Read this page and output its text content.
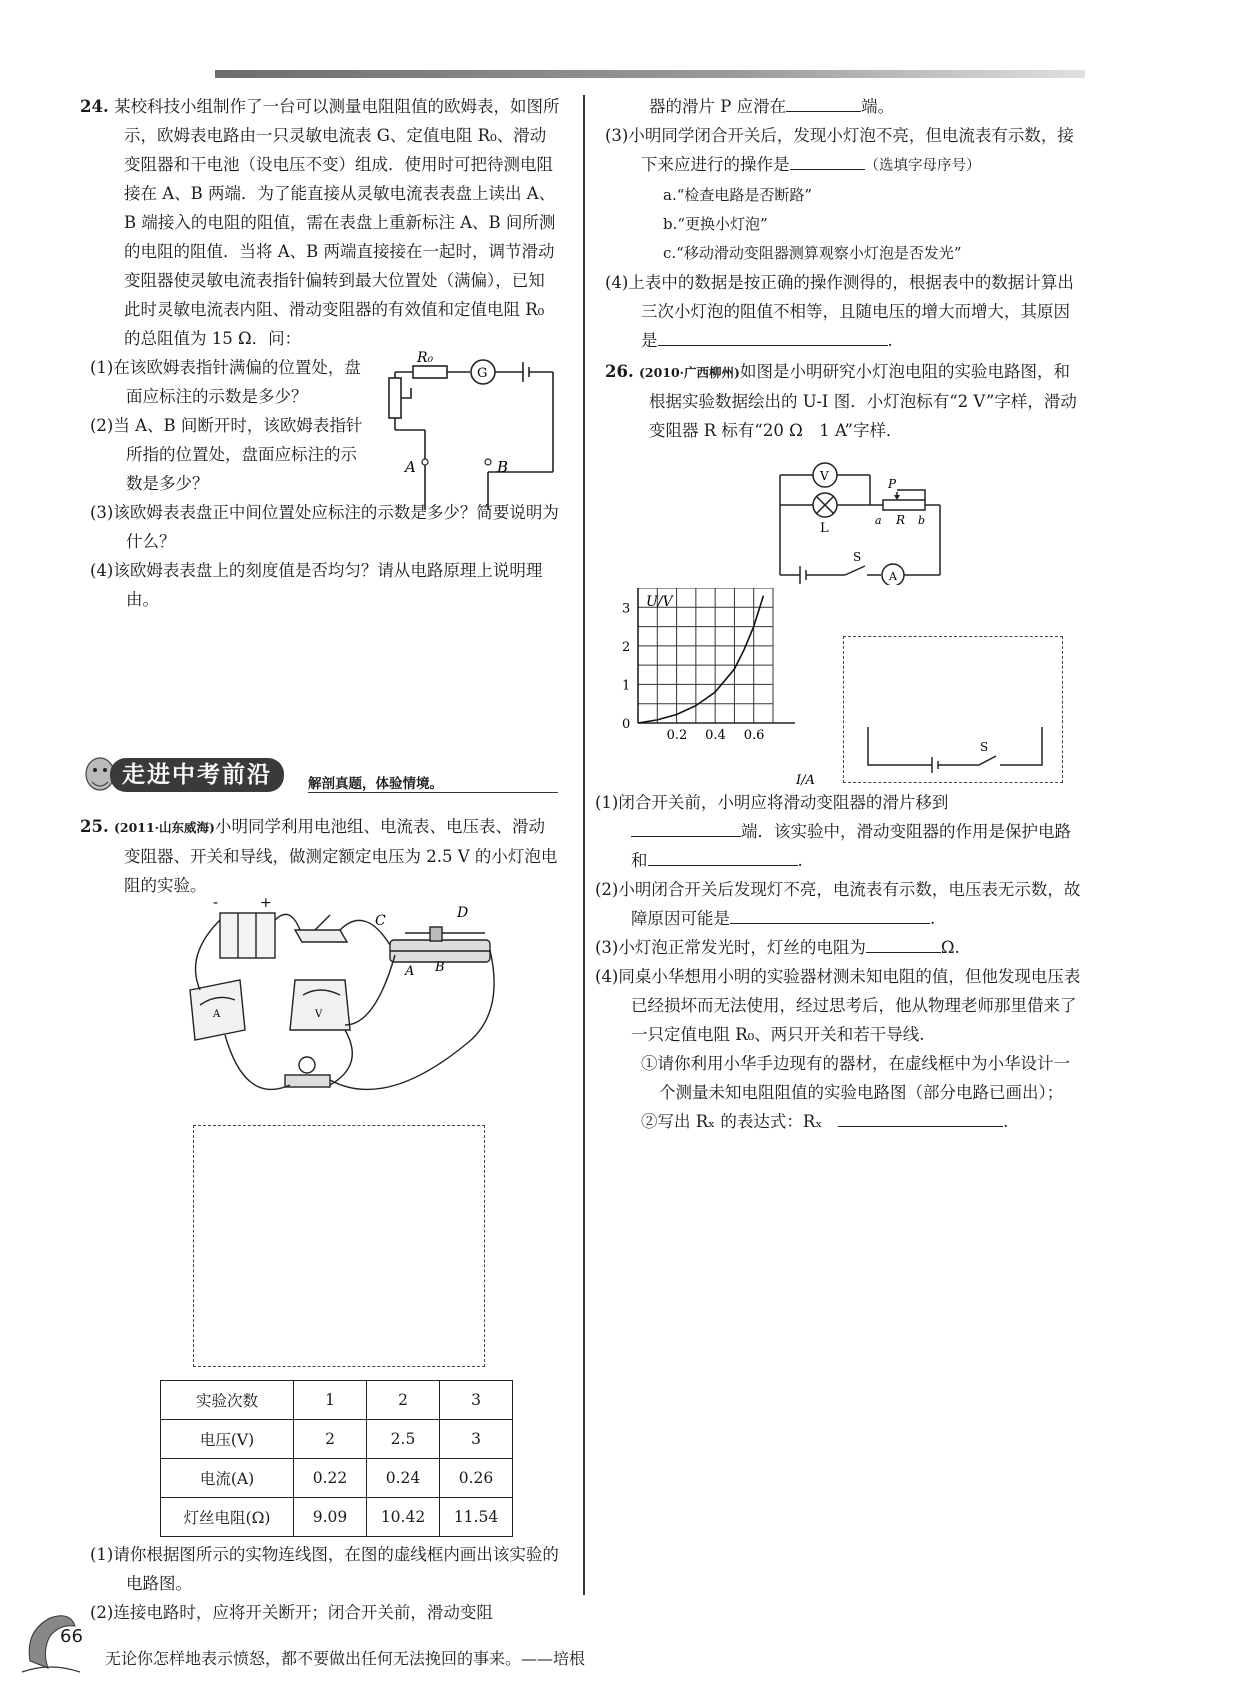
24. 某校科技小组制作了一台可以测量电阻阻值的欧姆表，如图所示，欧姆表电路由一只灵敏电流表 G、定值电阻 R₀、滑动变阻器和干电池（设电压不变）组成．使用时可把待测电阻接在 A、B 两端．为了能直接从灵敏电流表表盘上读出 A、B 端接入的电阻的阻值，需在表盘上重新标注 A、B 间所测的电阻的阻值．当将 A、B 两端直接接在一起时，调节滑动变阻器使灵敏电流表指针偏转到最大位置处（满偏），已知此时灵敏电流表内阻、滑动变阻器的有效值和定值电阻 R₀ 的总阻值为 15 Ω．问：

(1)在该欧姆表指针满偏的位置处，盘面应标注的示数是多少？

(2)当 A、B 间断开时，该欧姆表指针所指的位置处，盘面应标注的示数是多少？

(3)该欧姆表表盘正中间位置处应标注的示数是多少？简要说明为什么？

(4)该欧姆表表盘上的刻度值是否均匀？请从电路原理上说明理由。

R₀
G
A	B
走进中考前沿	解剖真题，体验情境。

25. (2011·山东威海)小明同学利用电池组、电流表、电压表、滑动变阻器、开关和导线，做测定额定电压为 2.5 V 的小灯泡电阻的实验。

-	+
C	D
A B
A	V
实验次数	1	2	3
电压(V)	2	2.5	3
电流(A)	0.22	0.24	0.26
灯丝电阻(Ω)	9.09	10.42	11.54

(1)请你根据图所示的实物连线图，在图的虚线框内画出该实验的电路图。

(2)连接电路时，应将开关断开；闭合开关前，滑动变阻

66
无论你怎样地表示愤怒，都不要做出任何无法挽回的事来。——培根

器的滑片 P 应滑在	端。

(3)小明同学闭合开关后，发现小灯泡不亮，但电流表有示数，接下来应进行的操作是	（选填字母序号）

a.“检查电路是否断路”

b.“更换小灯泡”

c.“移动滑动变阻器测算观察小灯泡是否发光”

(4)上表中的数据是按正确的操作测得的，根据表中的数据计算出三次小灯泡的阻值不相等，且随电压的增大而增大，其原因是	.

26. (2010·广西柳州)如图是小明研究小灯泡电阻的实验电路图，和根据实验数据绘出的 U-I 图．小灯泡标有“2 V”字样，滑动变阻器 R 标有“20 Ω　1 A”字样．

V
L
P
a R b
S
A
0.2 0.4 0.6
0
1
2
3 U/V
I/A
S

(1)闭合开关前，小明应将滑动变阻器的滑片移到
端．该实验中，滑动变阻器的作用是保护电路和	.

(2)小明闭合开关后发现灯不亮，电流表有示数，电压表无示数，故障原因可能是	.

(3)小灯泡正常发光时，灯丝的电阻为	Ω.

(4)同桌小华想用小明的实验器材测未知电阻的值，但他发现电压表已经损坏而无法使用，经过思考后，他从物理老师那里借来了一只定值电阻 R₀、两只开关和若干导线.

①请你利用小华手边现有的器材，在虚线框中为小华设计一个测量未知电阻阻值的实验电路图（部分电路已画出）；

②写出 Rₓ 的表达式：Rₓ	.
